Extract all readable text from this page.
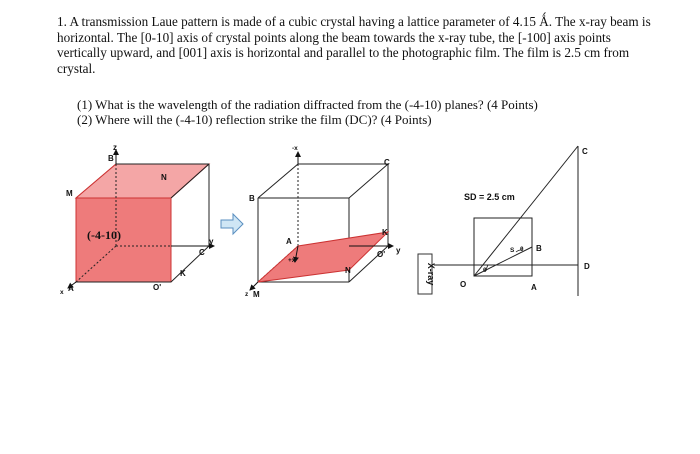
1. A transmission Laue pattern is made of a cubic crystal having a lattice parameter of 4.15 Ǻ. The x-ray beam is horizontal. The [0-10] axis of crystal points along the beam towards the x-ray tube, the [-100] axis points vertically upward, and [001] axis is horizontal and parallel to the photographic film. The film is 2.5 cm from crystal.

(1) What is the wavelength of the radiation diffracted from the (-4-10) planes? (4 Points)

(2) Where will the (-4-10) reflection strike the film (DC)? (4 Points)

(-4-10)
z
B
M
N
A
x
O'
K
C
y
-x
B
C
K
A
+x
N
O' y
z M
X-ray
SD = 2.5 cm
C
S θ B
θ	D
O	A
